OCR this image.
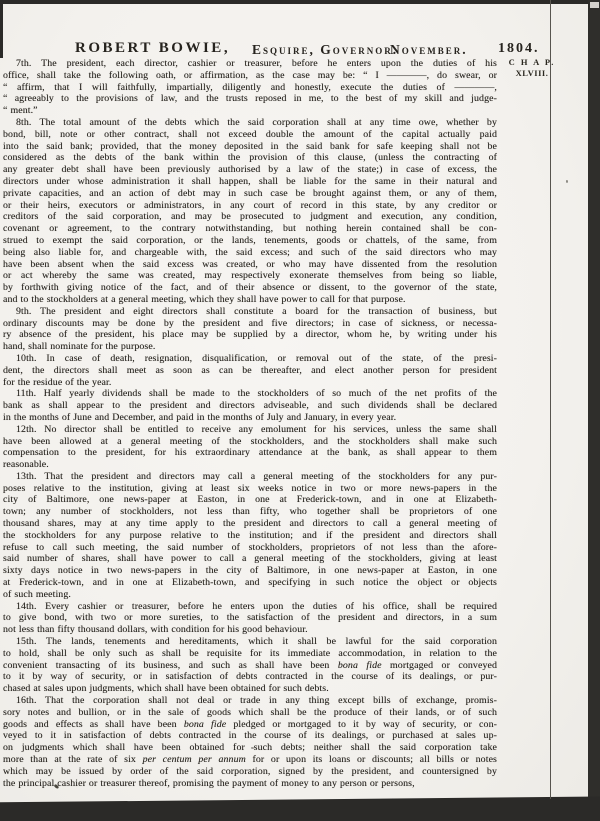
ROBERT BOWIE, Esquire, Governor.
November. 1804.
C H A P.
XLVIII.
7th. The president, each director, cashier or treasurer, before he enters upon the duties of his
office, shall take the following oath, or affirmation, as the case may be: “ I ————, do swear, or
“ affirm, that I will faithfully, impartially, diligently and honestly, execute the duties of ————,
“ agreeably to the provisions of law, and the trusts reposed in me, to the best of my skill and judge-
“ ment.”
8th. The total amount of the debts which the said corporation shall at any time owe, whether by
bond, bill, note or other contract, shall not exceed double the amount of the capital actually paid
into the said bank; provided, that the money deposited in the said bank for safe keeping shall not be
considered as the debts of the bank within the provision of this clause, (unless the contracting of
any greater debt shall have been previously authorised by a law of the state;) in case of excess, the
directors under whose administration it shall happen, shall be liable for the same in their natural and
private capacities, and an action of debt may in such case be brought against them, or any of them,
or their heirs, executors or administrators, in any court of record in this state, by any creditor or
creditors of the said corporation, and may be prosecuted to judgment and execution, any condition,
covenant or agreement, to the contrary notwithstanding, but nothing herein contained shall be con-
strued to exempt the said corporation, or the lands, tenements, goods or chattels, of the same, from
being also liable for, and chargeable with, the said excess; and such of the said directors who may
have been absent when the said excess was created, or who may have dissented from the resolution
or act whereby the same was created, may respectively exonerate themselves from being so liable,
by forthwith giving notice of the fact, and of their absence or dissent, to the governor of the state,
and to the stockholders at a general meeting, which they shall have power to call for that purpose.
9th. The president and eight directors shall constitute a board for the transaction of business, but
ordinary discounts may be done by the president and five directors; in case of sickness, or necessa-
ry absence of the president, his place may be supplied by a director, whom he, by writing under his
hand, shall nominate for the purpose.
10th. In case of death, resignation, disqualification, or removal out of the state, of the presi-
dent, the directors shall meet as soon as can be thereafter, and elect another person for president
for the residue of the year.
11th. Half yearly dividends shall be made to the stockholders of so much of the net profits of the
bank as shall appear to the president and directors adviseable, and such dividends shall be declared
in the months of June and December, and paid in the months of July and January, in every year.
12th. No director shall be entitled to receive any emolument for his services, unless the same shall
have been allowed at a general meeting of the stockholders, and the stockholders shall make such
compensation to the president, for his extraordinary attendance at the bank, as shall appear to them
reasonable.
13th. That the president and directors may call a general meeting of the stockholders for any pur-
poses relative to the institution, giving at least six weeks notice in two or more news-papers in the
city of Baltimore, one news-paper at Easton, in one at Frederick-town, and in one at Elizabeth-
town; any number of stockholders, not less than fifty, who together shall be proprietors of one
thousand shares, may at any time apply to the president and directors to call a general meeting of
the stockholders for any purpose relative to the institution; and if the president and directors shall
refuse to call such meeting, the said number of stockholders, proprietors of not less than the afore-
said number of shares, shall have power to call a general meeting of the stockholders, giving at least
sixty days notice in two news-papers in the city of Baltimore, in one news-paper at Easton, in one
at Frederick-town, and in one at Elizabeth-town, and specifying in such notice the object or objects
of such meeting.
14th. Every cashier or treasurer, before he enters upon the duties of his office, shall be required
to give bond, with two or more sureties, to the satisfaction of the president and directors, in a sum
not less than fifty thousand dollars, with condition for his good behaviour.
15th. The lands, tenements and hereditaments, which it shall be lawful for the said corporation
to hold, shall be only such as shall be requisite for its immediate accommodation, in relation to the
convenient transacting of its business, and such as shall have been bona fide mortgaged or conveyed
to it by way of security, or in satisfaction of debts contracted in the course of its dealings, or pur-
chased at sales upon judgments, which shall have been obtained for such debts.
16th. That the corporation shall not deal or trade in any thing except bills of exchange, promis-
sory notes and bullion, or in the sale of goods which shall be the produce of their lands, or of such
goods and effects as shall have been bona fide pledged or mortgaged to it by way of security, or con-
veyed to it in satisfaction of debts contracted in the course of its dealings, or purchased at sales up-
on judgments which shall have been obtained for such debts; neither shall the said corporation take
more than at the rate of six per centum per annum for or upon its loans or discounts; all bills or notes
which may be issued by order of the said corporation, signed by the president, and countersigned by
the principal cashier or treasurer thereof, promising the payment of money to any person or persons,
